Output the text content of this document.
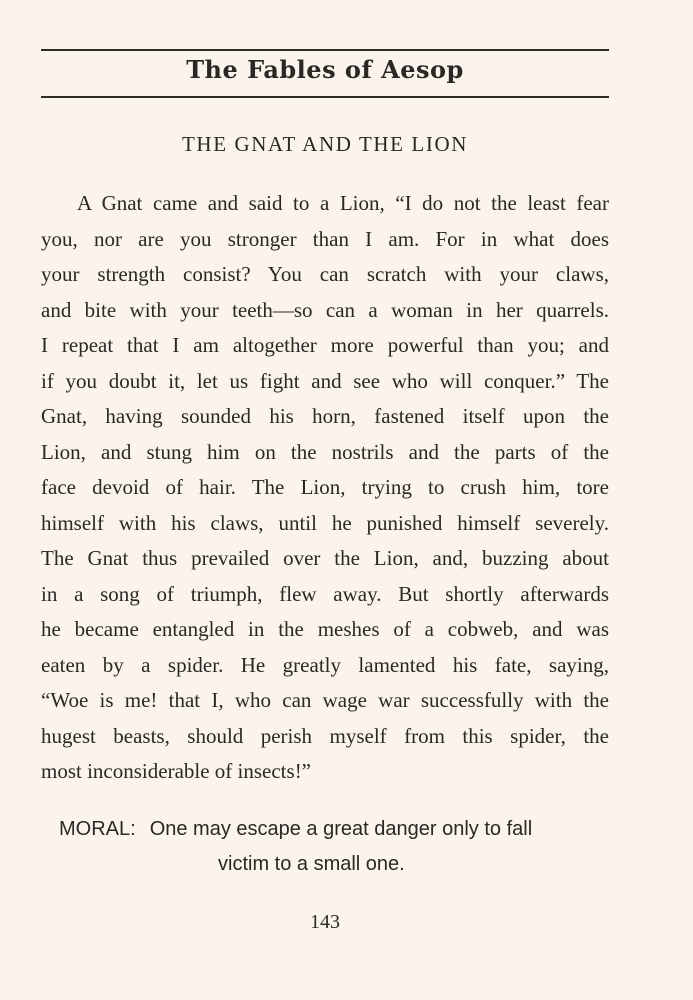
The Fables of Aesop
THE GNAT AND THE LION
A Gnat came and said to a Lion, “I do not the least fear
you, nor are you stronger than I am. For in what does
your strength consist? You can scratch with your claws,
and bite with your teeth—so can a woman in her quarrels.
I repeat that I am altogether more powerful than you; and
if you doubt it, let us fight and see who will conquer.” The
Gnat, having sounded his horn, fastened itself upon the
Lion, and stung him on the nostrils and the parts of the
face devoid of hair. The Lion, trying to crush him, tore
himself with his claws, until he punished himself severely.
The Gnat thus prevailed over the Lion, and, buzzing about
in a song of triumph, flew away. But shortly afterwards
he became entangled in the meshes of a cobweb, and was
eaten by a spider. He greatly lamented his fate, saying,
“Woe is me! that I, who can wage war successfully with the
hugest beasts, should perish myself from this spider, the
most inconsiderable of insects!”
MORAL: One may escape a great danger only to fall
victim to a small one.
143
